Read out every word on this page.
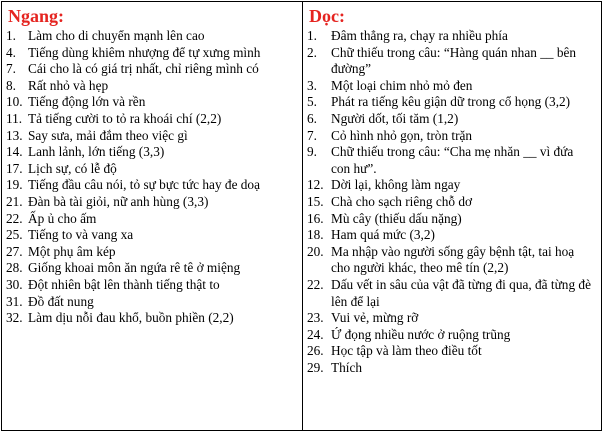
Ngang:
1. Làm cho di chuyển mạnh lên cao
4. Tiếng dùng khiêm nhượng để tự xưng mình
7. Cái cho là có giá trị nhất, chỉ riêng mình có
8. Rất nhỏ và hẹp
10. Tiếng động lớn và rền
11. Tả tiếng cười to tỏ ra khoái chí (2,2)
13. Say sưa, mải đắm theo việc gì
14. Lanh lảnh, lớn tiếng (3,3)
17. Lịch sự, có lễ độ
19. Tiếng đầu câu nói, tỏ sự bực tức hay đe doạ
21. Đàn bà tài giỏi, nữ anh hùng (3,3)
22. Ấp ủ cho ấm
25. Tiếng to và vang xa
27. Một phụ âm kép
28. Giống khoai môn ăn ngứa rê tê ở miệng
30. Đột nhiên bật lên thành tiếng thật to
31. Đồ đất nung
32. Làm dịu nỗi đau khổ, buồn phiền (2,2)
Dọc:
1.	Đâm thẳng ra, chạy ra nhiều phía
2.	Chữ thiếu trong câu: “Hàng quán nhan __ bên đường”
3.	Một loại chim nhỏ mỏ đen
5.	Phát ra tiếng kêu giận dữ trong cổ họng (3,2)
6.	Người dốt, tối tăm (1,2)
7.	Cỏ hình nhỏ gọn, tròn trặn
9.	Chữ thiếu trong câu: “Cha mẹ nhăn __ vì đứa con hư”.
12. Dời lại, không làm ngay
15. Chà cho sạch riêng chỗ dơ
16. Mù cây (thiếu dấu nặng)
18. Ham quá mức (3,2)
20. Ma nhập vào người sống gây bệnh tật, tai hoạ cho người khác, theo mê tín (2,2)
22. Dấu vết in sâu của vật đã từng đi qua, đã từng đè lên để lại
23. Vui vẻ, mừng rỡ
24. Ứ đọng nhiều nước ở ruộng trũng
26. Học tập và làm theo điều tốt
29. Thích
